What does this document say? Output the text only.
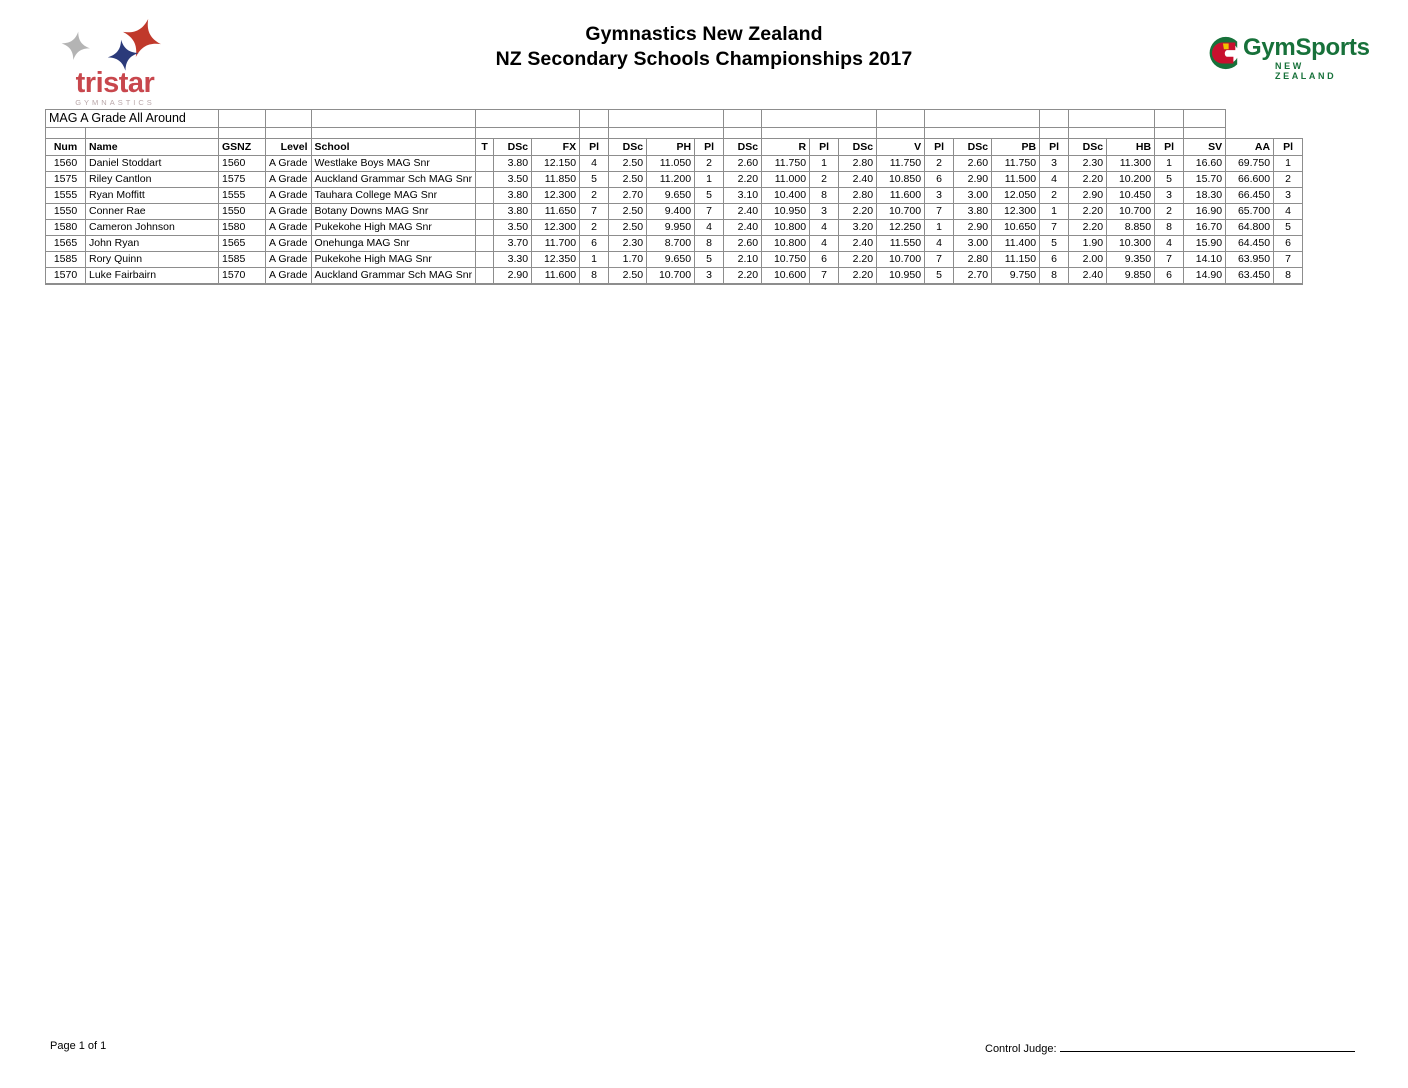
tristar
GYMNASTICS
Gymnastics New Zealand
NZ Secondary Schools Championships 2017	GymSports
NEW ZEALAND
MAG A Grade All Around																										

Num	Name	GSNZ	Level	School	T	DSc	FX	Pl	DSc	PH	Pl	DSc	R	Pl	DSc	V	Pl	DSc	PB	Pl	DSc	HB	Pl	SV	AA	Pl
1560	Daniel Stoddart	1560	A Grade	Westlake Boys MAG Snr		3.80	12.150	4	2.50	11.050	2	2.60	11.750	1	2.80	11.750	2	2.60	11.750	3	2.30	11.300	1	16.60	69.750	1
1575	Riley Cantlon	1575	A Grade	Auckland Grammar Sch MAG Snr		3.50	11.850	5	2.50	11.200	1	2.20	11.000	2	2.40	10.850	6	2.90	11.500	4	2.20	10.200	5	15.70	66.600	2
1555	Ryan Moffitt	1555	A Grade	Tauhara College MAG Snr		3.80	12.300	2	2.70	9.650	5	3.10	10.400	8	2.80	11.600	3	3.00	12.050	2	2.90	10.450	3	18.30	66.450	3
1550	Conner Rae	1550	A Grade	Botany Downs MAG Snr		3.80	11.650	7	2.50	9.400	7	2.40	10.950	3	2.20	10.700	7	3.80	12.300	1	2.20	10.700	2	16.90	65.700	4
1580	Cameron Johnson	1580	A Grade	Pukekohe High MAG Snr		3.50	12.300	2	2.50	9.950	4	2.40	10.800	4	3.20	12.250	1	2.90	10.650	7	2.20	8.850	8	16.70	64.800	5
1565	John Ryan	1565	A Grade	Onehunga MAG Snr		3.70	11.700	6	2.30	8.700	8	2.60	10.800	4	2.40	11.550	4	3.00	11.400	5	1.90	10.300	4	15.90	64.450	6
1585	Rory Quinn	1585	A Grade	Pukekohe High MAG Snr		3.30	12.350	1	1.70	9.650	5	2.10	10.750	6	2.20	10.700	7	2.80	11.150	6	2.00	9.350	7	14.10	63.950	7
1570	Luke Fairbairn	1570	A Grade	Auckland Grammar Sch MAG Snr		2.90	11.600	8	2.50	10.700	3	2.20	10.600	7	2.20	10.950	5	2.70	9.750	8	2.40	9.850	6	14.90	63.450	8
Page 1 of 1	Control Judge:
